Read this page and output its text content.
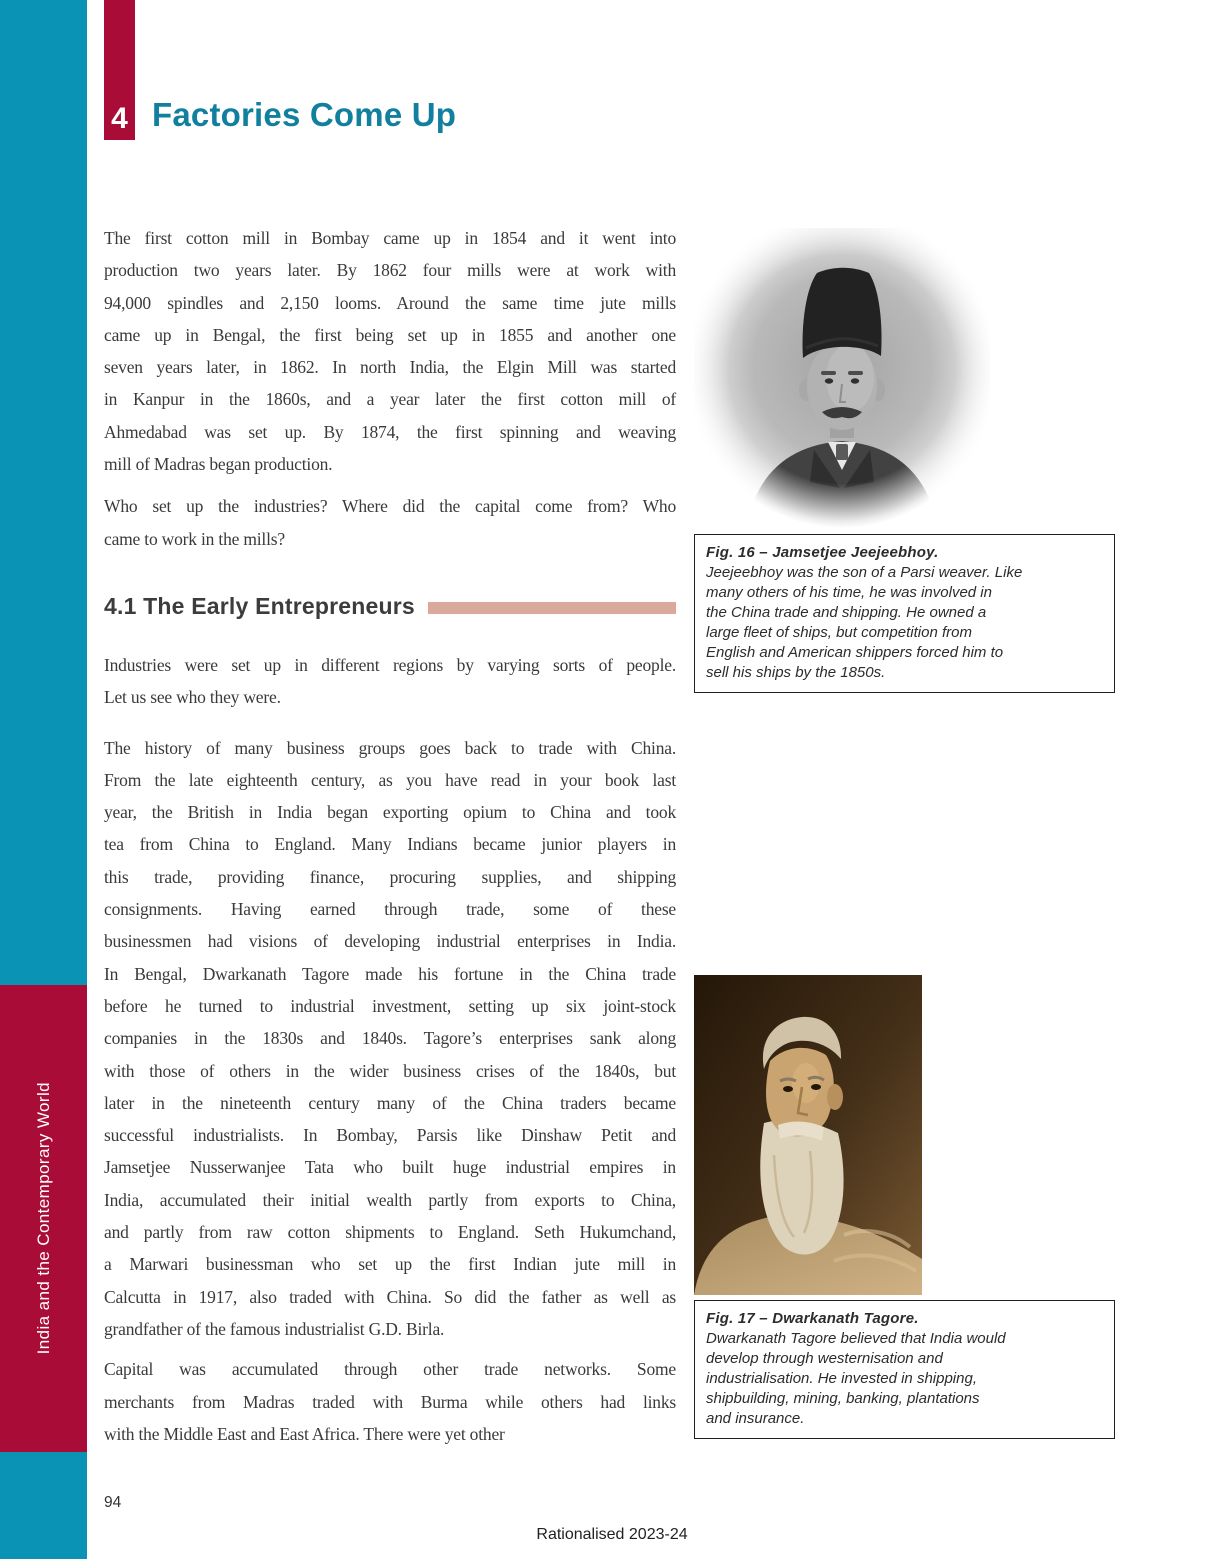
India and the Contemporary World
4 Factories Come Up
The first cotton mill in Bombay came up in 1854 and it went into
production two years later. By 1862 four mills were at work with
94,000 spindles and 2,150 looms. Around the same time jute mills
came up in Bengal, the first being set up in 1855 and another one
seven years later, in 1862. In north India, the Elgin Mill was started
in Kanpur in the 1860s, and a year later the first cotton mill of
Ahmedabad was set up. By 1874, the first spinning and weaving
mill of Madras began production.
Who set up the industries? Where did the capital come from? Who
came to work in the mills?
4.1 The Early Entrepreneurs
Industries were set up in different regions by varying sorts of people.
Let us see who they were.
The history of many business groups goes back to trade with China.
From the late eighteenth century, as you have read in your book last
year, the British in India began exporting opium to China and took
tea from China to England. Many Indians became junior players in
this trade, providing finance, procuring supplies, and shipping
consignments. Having earned through trade, some of these
businessmen had visions of developing industrial enterprises in India.
In Bengal, Dwarkanath Tagore made his fortune in the China trade
before he turned to industrial investment, setting up six joint-stock
companies in the 1830s and 1840s. Tagore’s enterprises sank along
with those of others in the wider business crises of the 1840s, but
later in the nineteenth century many of the China traders became
successful industrialists. In Bombay, Parsis like Dinshaw Petit and
Jamsetjee Nusserwanjee Tata who built huge industrial empires in
India, accumulated their initial wealth partly from exports to China,
and partly from raw cotton shipments to England. Seth Hukumchand,
a Marwari businessman who set up the first Indian jute mill in
Calcutta in 1917, also traded with China. So did the father as well as
grandfather of the famous industrialist G.D. Birla.
Capital was accumulated through other trade networks. Some
merchants from Madras traded with Burma while others had links
with the Middle East and East Africa. There were yet other
Fig. 16 – Jamsetjee Jeejeebhoy.
Jeejeebhoy was the son of a Parsi weaver. Like
many others of his time, he was involved in
the China trade and shipping. He owned a
large fleet of ships, but competition from
English and American shippers forced him to
sell his ships by the 1850s.
Fig. 17 – Dwarkanath Tagore.
Dwarkanath Tagore believed that India would
develop through westernisation and
industrialisation. He invested in shipping,
shipbuilding, mining, banking, plantations
and insurance.
94
Rationalised 2023-24
